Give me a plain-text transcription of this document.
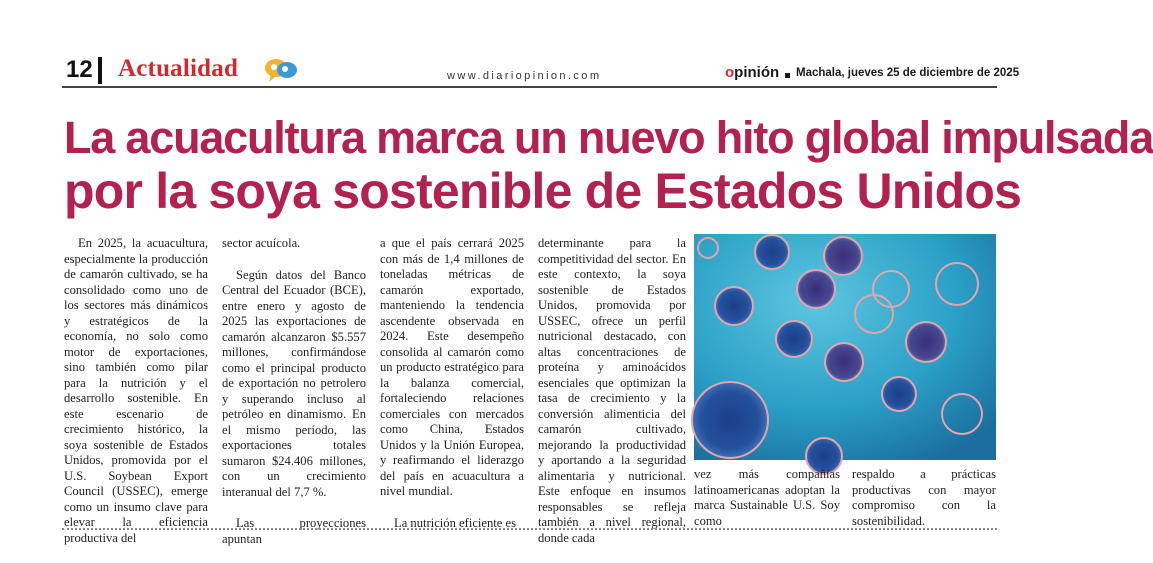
12 Actualidad	www.diariopinion.com	opinión Machala, jueves 25 de diciembre de 2025
La acuacultura marca un nuevo hito global impulsada
por la soya sostenible de Estados Unidos

En 2025, la acuacultura, especialmente la producción de camarón cultivado, se ha consolidado como uno de los sectores más dinámicos y estratégicos de la economía, no solo como motor de exportaciones, sino también como pilar para la nutrición y el desarrollo sostenible. En este escenario de crecimiento histórico, la soya sostenible de Estados Unidos, promovida por el U.S. Soybean Export Council (USSEC), emerge como un insumo clave para elevar la eficiencia productiva del

sector acuícola.

Según datos del Banco Central del Ecuador (BCE), entre enero y agosto de 2025 las exportaciones de camarón alcanzaron $5.557 millones, confirmándose como el principal producto de exportación no petrolero y superando incluso al petróleo en dinamismo. En el mismo período, las exportaciones totales sumaron $24.406 millones, con un crecimiento interanual del 7,7 %.

Las proyecciones apuntan

a que el país cerrará 2025 con más de 1,4 millones de toneladas métricas de camarón exportado, manteniendo la tendencia ascendente observada en 2024. Este desempeño consolida al camarón como un producto estratégico para la balanza comercial, fortaleciendo relaciones comerciales con mercados como China, Estados Unidos y la Unión Europea, y reafirmando el liderazgo del país en acuacultura a nivel mundial.

La nutrición eficiente es

determinante para la competitividad del sector. En este contexto, la soya sostenible de Estados Unidos, promovida por USSEC, ofrece un perfil nutricional destacado, con altas concentraciones de proteína y aminoácidos esenciales que optimizan la tasa de crecimiento y la conversión alimenticia del camarón cultivado, mejorando la productividad y aportando a la seguridad alimentaria y nutricional. Este enfoque en insumos responsables se refleja también a nivel regional, donde cada

vez más compañías latinoamericanas adoptan la marca Sustainable U.S. Soy como

respaldo a prácticas productivas con mayor compromiso con la sostenibilidad.
